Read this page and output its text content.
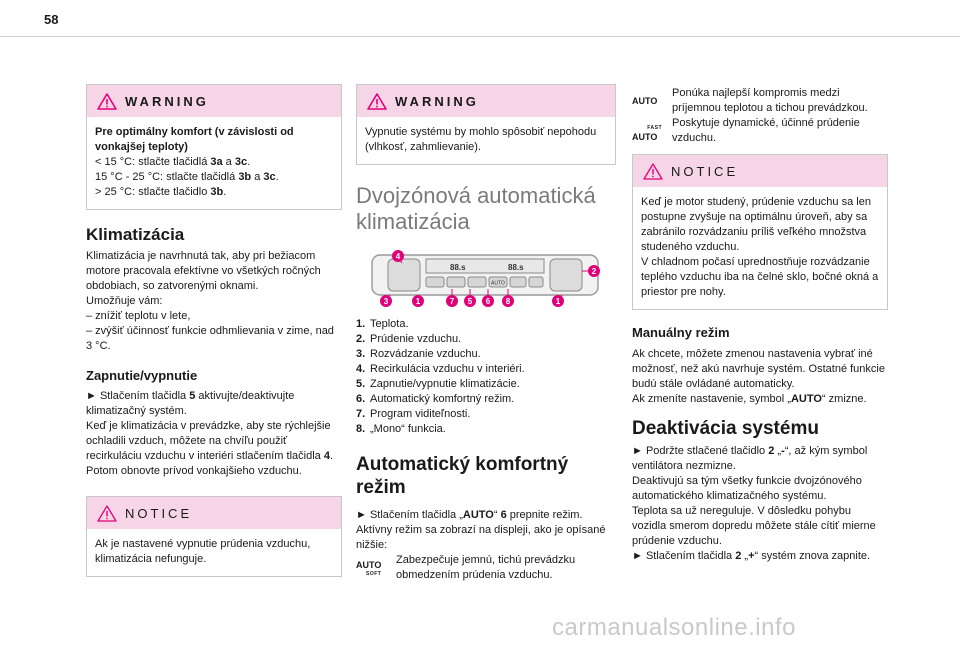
58
WARNING
Pre optimálny komfort (v závislosti od vonkajšej teploty)
< 15 °C: stlačte tlačidlá 3a a 3c.
15 °C - 25 °C: stlačte tlačidlá 3b a 3c.
> 25 °C: stlačte tlačidlo 3b.
Klimatizácia
Klimatizácia je navrhnutá tak, aby pri bežiacom motore pracovala efektívne vo všetkých ročných obdobiach, so zatvorenými oknami.
Umožňuje vám:
– znížiť teplotu v lete,
– zvýšiť účinnosť funkcie odhmlievania v zime, nad 3 °C.
Zapnutie/vypnutie
► Stlačením tlačidla 5 aktivujte/deaktivujte klimatizačný systém.
Keď je klimatizácia v prevádzke, aby ste rýchlejšie ochladili vzduch, môžete na chvíľu použiť recirkuláciu vzduchu v interiéri stlačením tlačidla 4. Potom obnovte prívod vonkajšieho vzduchu.
NOTICE
Ak je nastavené vypnutie prúdenia vzduchu, klimatizácia nefunguje.
WARNING
Vypnutie systému by mohlo spôsobiť nepohodu (vlhkosť, zahmlievanie).
Dvojzónová automatická klimatizácia
88.s	88.s
AUTO
3	1	7 5 6 8	1
4
2
1. Teplota.
2. Prúdenie vzduchu.
3. Rozvádzanie vzduchu.
4. Recirkulácia vzduchu v interiéri.
5. Zapnutie/vypnutie klimatizácie.
6. Automatický komfortný režim.
7. Program viditeľnosti.
8. „Mono“ funkcia.
Automatický komfortný režim
► Stlačením tlačidla „AUTO“ 6 prepnite režim.
Aktívny režim sa zobrazí na displeji, ako je opísané nižšie:
AUTO
SOFT
Zabezpečuje jemnú, tichú prevádzku obmedzením prúdenia vzduchu.
AUTO
Ponúka najlepší kompromis medzi príjemnou teplotou a tichou prevádzkou.
FAST
AUTO
Poskytuje dynamické, účinné prúdenie vzduchu.
NOTICE
Keď je motor studený, prúdenie vzduchu sa len postupne zvyšuje na optimálnu úroveň, aby sa zabránilo rozvádzaniu príliš veľkého množstva studeného vzduchu.
V chladnom počasí uprednostňuje rozvádzanie teplého vzduchu iba na čelné sklo, bočné okná a priestor pre nohy.
Manuálny režim
Ak chcete, môžete zmenou nastavenia vybrať iné možnosť, než akú navrhuje systém. Ostatné funkcie budú stále ovládané automaticky.
Ak zmeníte nastavenie, symbol „AUTO“ zmizne.
Deaktivácia systému
► Podržte stlačené tlačidlo 2 „-“, až kým symbol ventilátora nezmizne.
Deaktivujú sa tým všetky funkcie dvojzónového automatického klimatizačného systému.
Teplota sa už nereguluje. V dôsledku pohybu vozidla smerom dopredu môžete stále cítiť mierne prúdenie vzduchu.
► Stlačením tlačidla 2 „+“ systém znova zapnite.
carmanualsonline.info
